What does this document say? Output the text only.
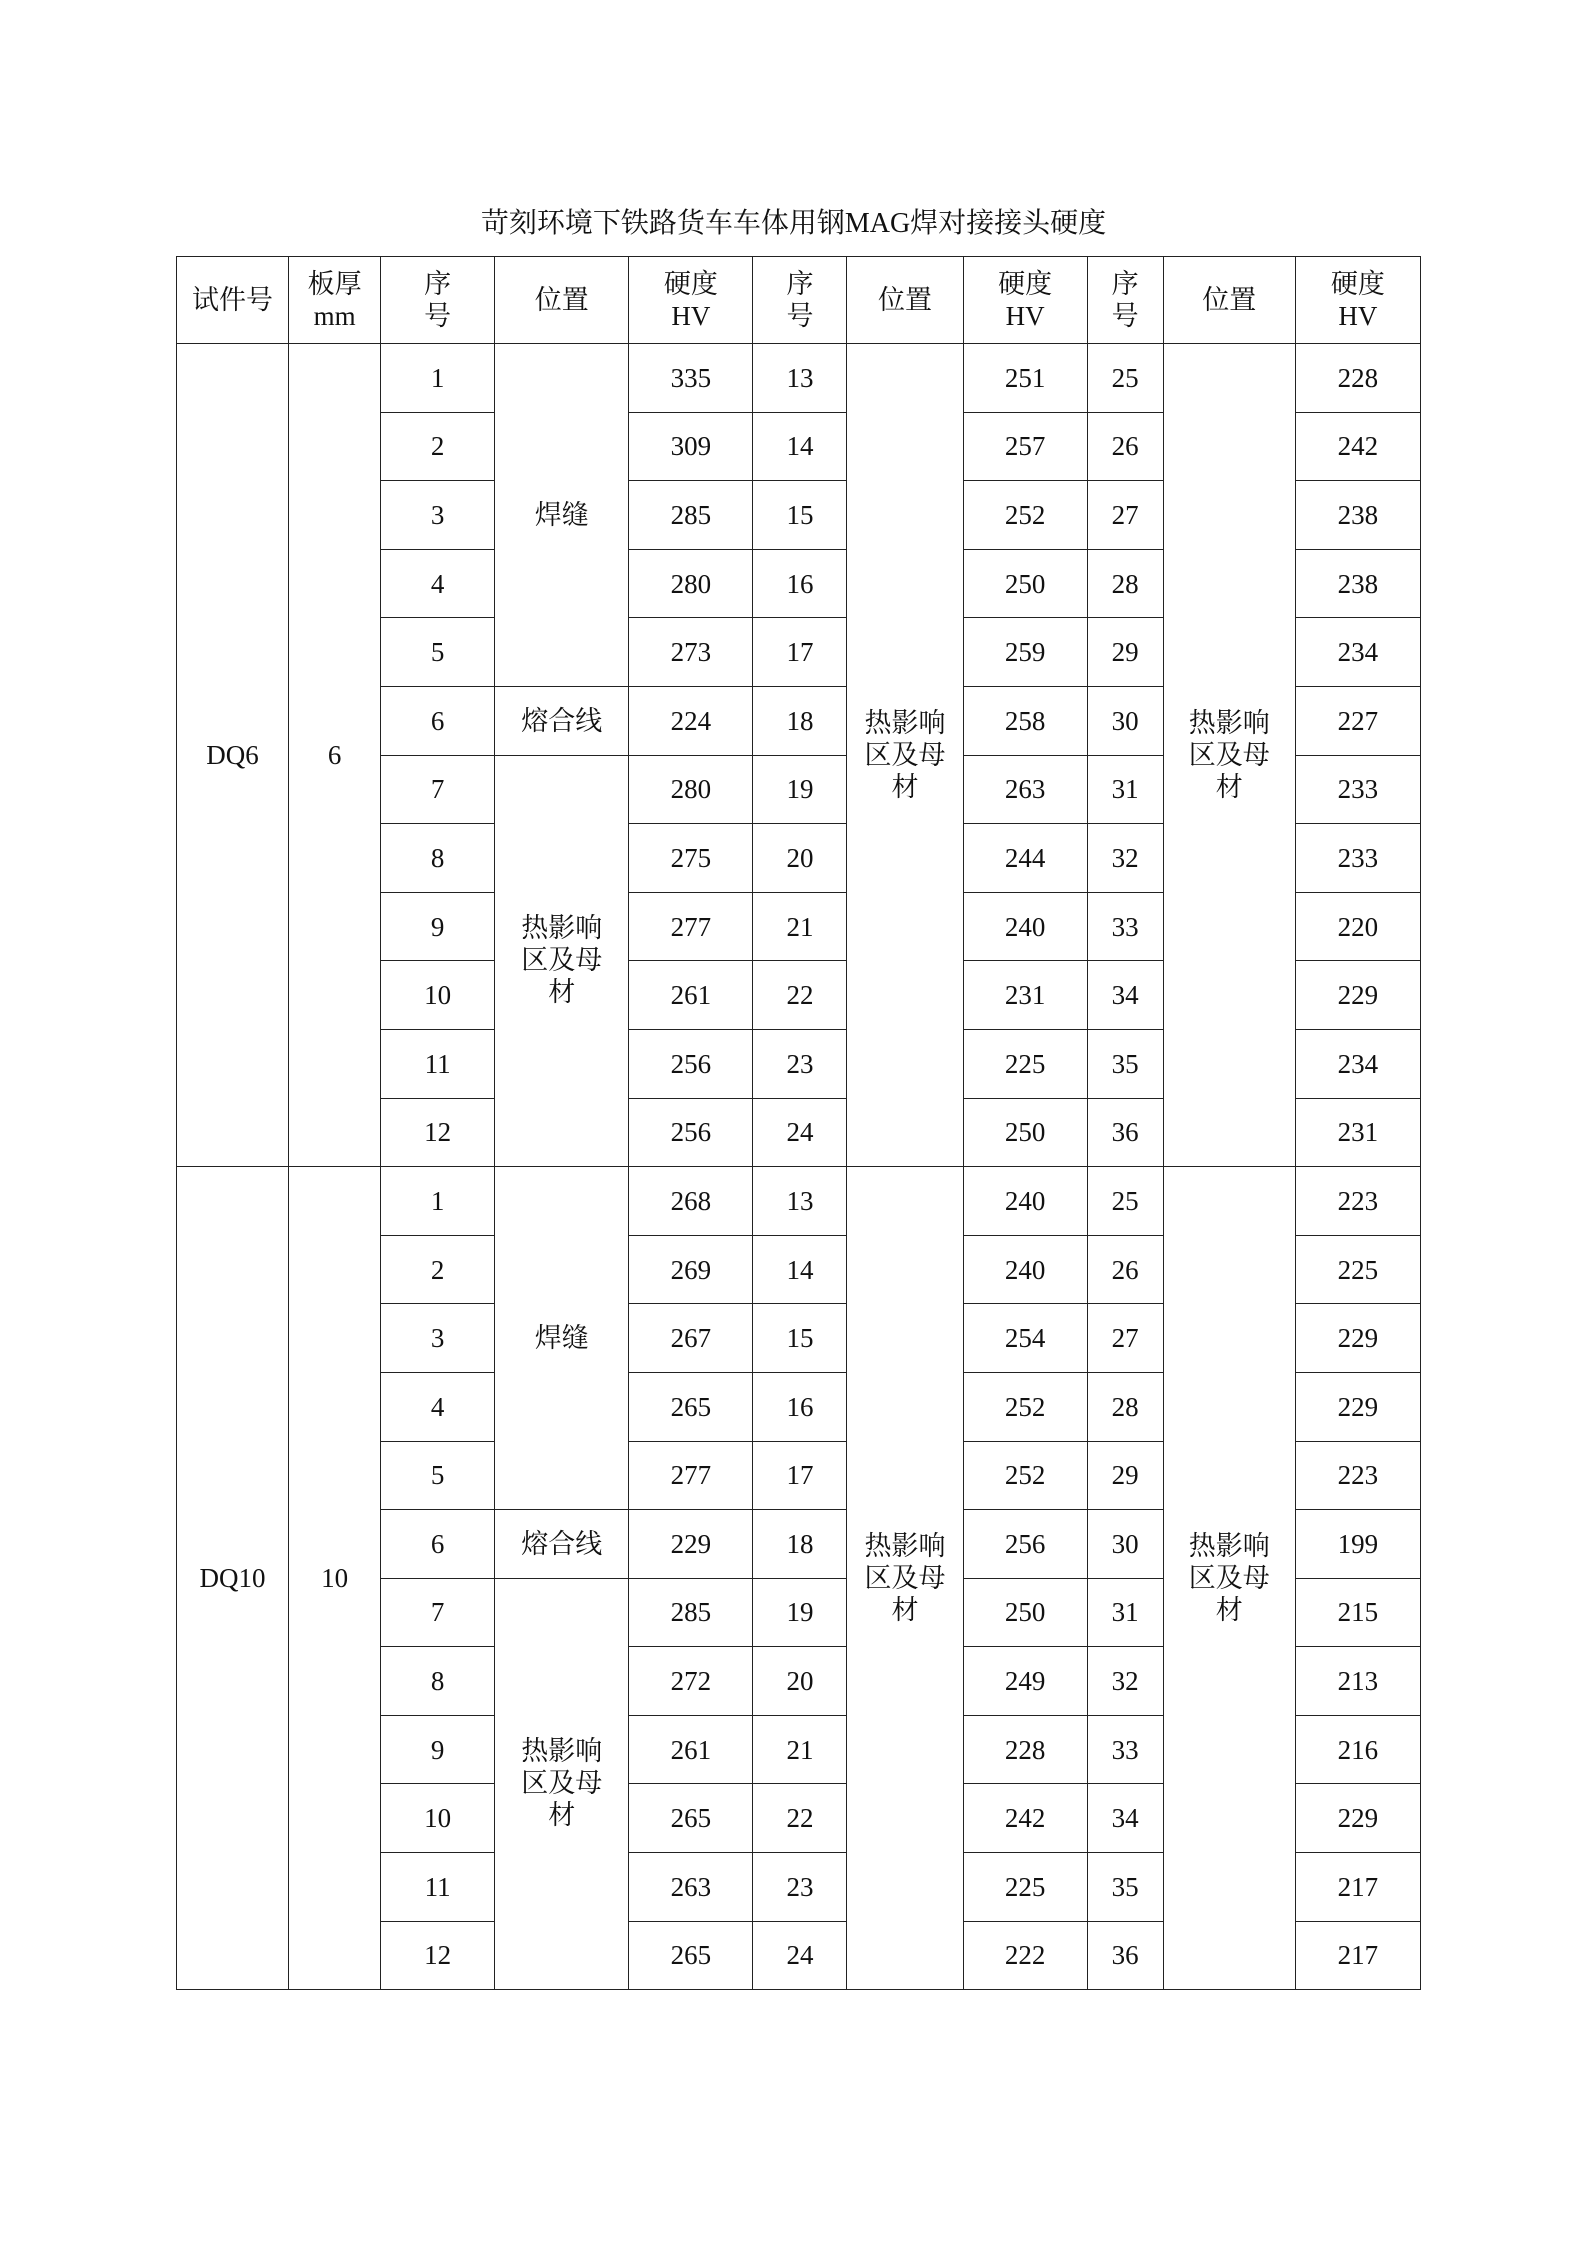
苛刻环境下铁路货车车体用钢MAG焊对接接头硬度
试件号	板厚mm	序号	位置	硬度HV	序号	位置	硬度HV	序号	位置	硬度HV
DQ6	6	1	焊缝	335	13	热影响区及母材	251	25	热影响区及母材	228
		2		309	14		257	26		242
		3		285	15		252	27		238
		4		280	16		250	28		238
		5		273	17		259	29		234
		6	熔合线	224	18		258	30		227
		7	热影响区及母材	280	19		263	31		233
		8		275	20		244	32		233
		9		277	21		240	33		220
		10		261	22		231	34		229
		11		256	23		225	35		234
		12		256	24		250	36		231
DQ10	10	1	焊缝	268	13	热影响区及母材	240	25	热影响区及母材	223
		2		269	14		240	26		225
		3		267	15		254	27		229
		4		265	16		252	28		229
		5		277	17		252	29		223
		6	熔合线	229	18		256	30		199
		7	热影响区及母材	285	19		250	31		215
		8		272	20		249	32		213
		9		261	21		228	33		216
		10		265	22		242	34		229
		11		263	23		225	35		217
		12		265	24		222	36		217
